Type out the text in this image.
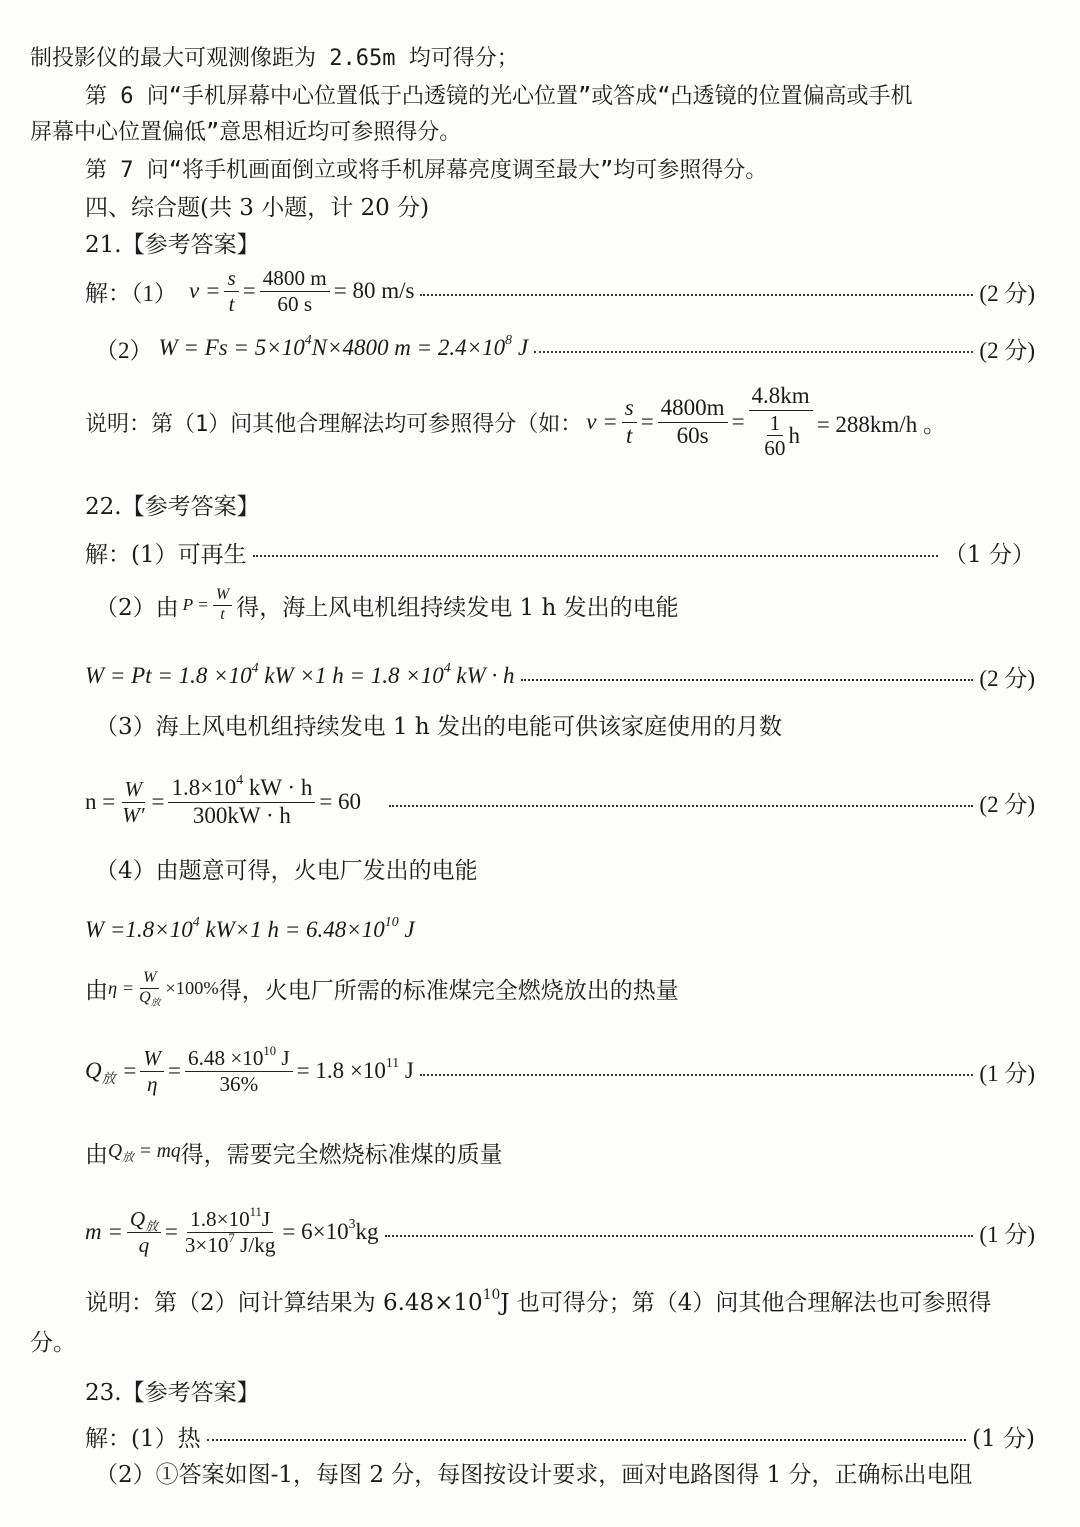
制投影仪的最大可观测像距为 2.65m 均可得分；
第 6 问“手机屏幕中心位置低于凸透镜的光心位置”或答成“凸透镜的位置偏高或手机
屏幕中心位置偏低”意思相近均可参照得分。
第 7 问“将手机画面倒立或将手机屏幕亮度调至最大”均可参照得分。
四、综合题(共 3 小题，计 20 分)
21.【参考答案】
解：（1） $v = \frac{s}{t} = \frac{4800 m}{60 s} = 80$ m/s	(2 分)
（2） $W = Fs = 5\times 10^4N\times 4800$ $m = 2.4\times 10^8$ J	(2 分)
说明：第（1）问其他合理解法均可参照得分（如： $v = \frac{s}{t} = \frac{4800m}{60s} = \frac{4.8km}{\frac{1}{60} h} = 288km/h$ 。
22.【参考答案】
解：(1）可再生	（1 分）
（2）由 $P = \frac{W}{t}$ 得，海上风电机组持续发电 1 h 发出的电能
$W = Pt = 1.8 \times 10^4$ kW ×1 $h = 1.8 \times 10^4$ kW · h	(2 分)
（3）海上风电机组持续发电 1 h 发出的电能可供该家庭使用的月数
$n = \frac{W}{W'} = \frac{1.8\times 10^4 kW \cdot h}{300kW \cdot h} = 60$	(2 分)
（4）由题意可得，火电厂发出的电能
$W =1.8\times 10^4$ kW×1 $h = 6.48\times 10^{10}$ J
由 $\eta = \frac{W}{Q_放} \times 100\%$ 得，火电厂所需的标准煤完全燃烧放出的热量
$Q_放 = \frac{W}{\eta} = \frac{6.48 \times 10^{10} J}{36\%} = 1.8 \times 10^{11}$ J	(1 分)
由 $Q_放$ = mq 得，需要完全燃烧标准煤的质量
$m = \frac{Q_放}{q} = \frac{1.8\times 10^{11}J}{3\times 10^7 J/kg} = 6\times 10^3kg$	(1 分)
说明：第（2）问计算结果为 $6.48\times 10^{10}J$ 也可得分；第（4）问其他合理解法也可参照得
分。
23.【参考答案】
解：(1）热	(1 分)
（2）①答案如图-1，每图 2 分，每图按设计要求，画对电路图得 1 分，正确标出电阻
